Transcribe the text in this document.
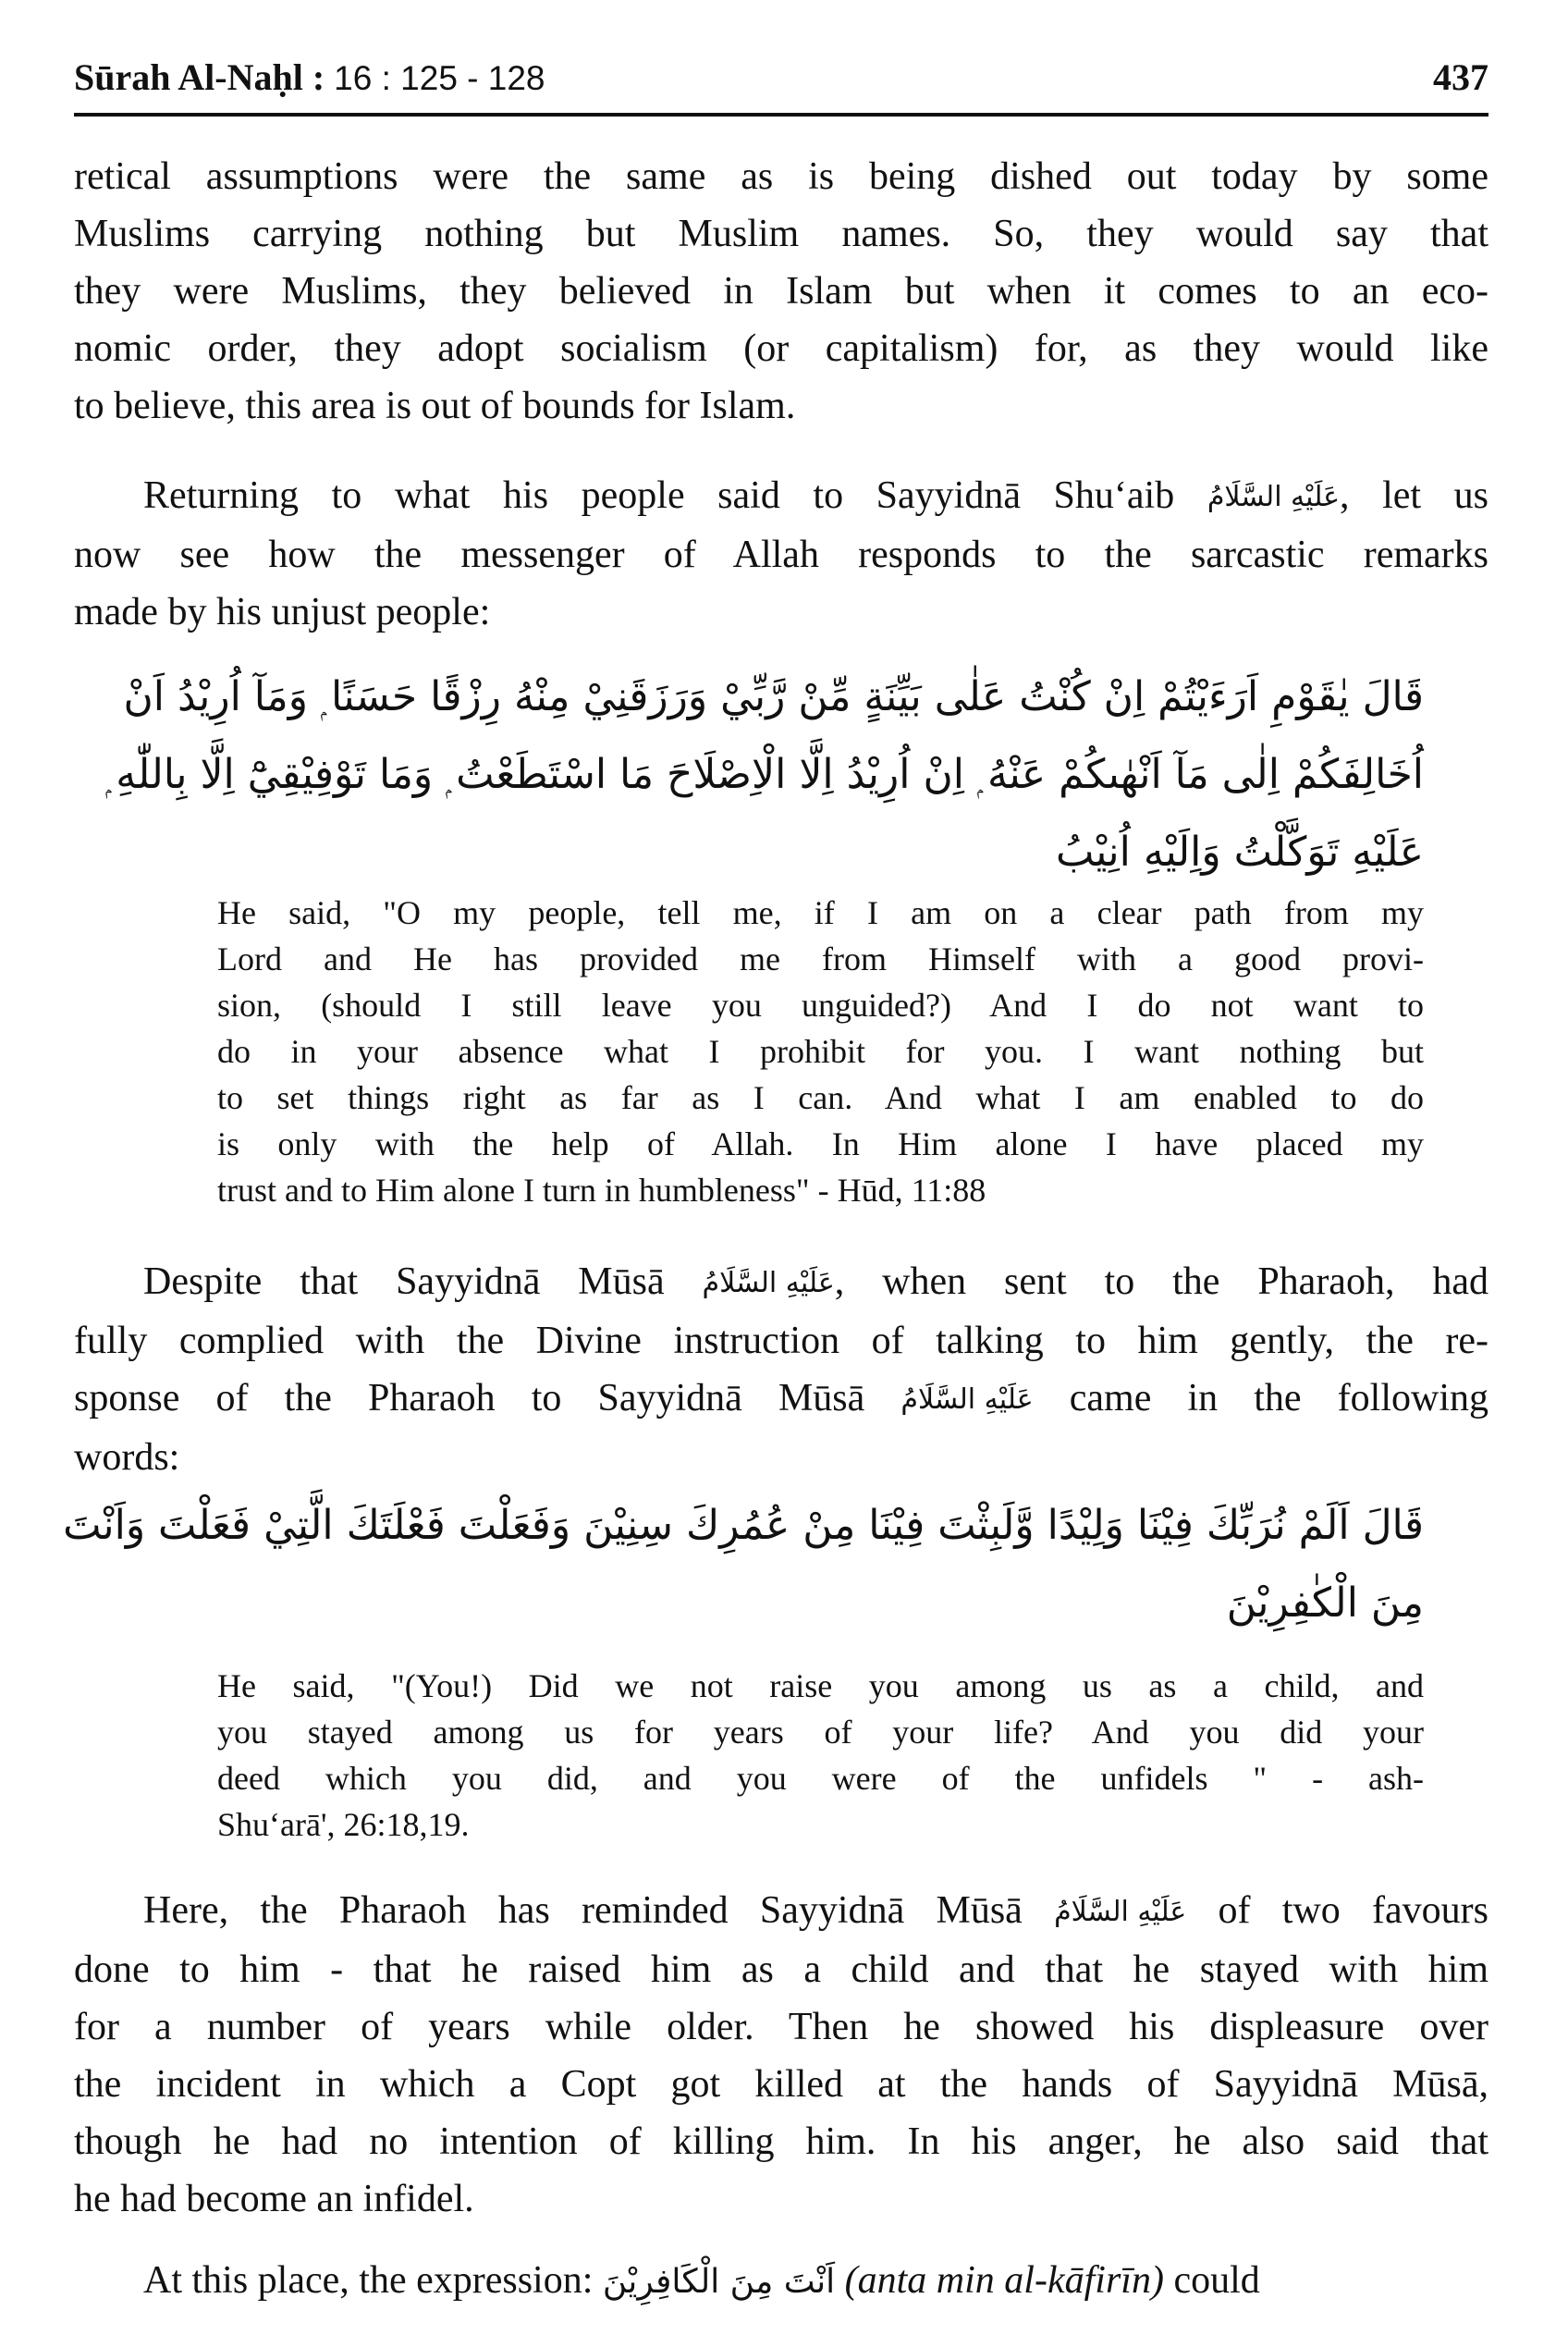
Sūrah Al-Naḥl : 16 : 125 - 128	437
retical assumptions were the same as is being dished out today by some
Muslims carrying nothing but Muslim names. So, they would say that
they were Muslims, they believed in Islam but when it comes to an eco-
nomic order, they adopt socialism (or capitalism) for, as they would like
to believe, this area is out of bounds for Islam.
Returning to what his people said to Sayyidnā Shu‘aib عَلَيْهِ السَّلَامُ, let us
now see how the messenger of Allah responds to the sarcastic remarks
made by his unjust people:
قَالَ يٰقَوْمِ اَرَءَيْتُمْ اِنْ كُنْتُ عَلٰى بَيِّنَةٍ مِّنْ رَّبِّيْ وَرَزَقَنِيْ مِنْهُ رِزْقًا حَسَنًا ۭ وَمَآ اُرِيْدُ اَنْ
اُخَالِفَكُمْ اِلٰى مَآ اَنْهٰىكُمْ عَنْهُ ۭ اِنْ اُرِيْدُ اِلَّا الْاِصْلَاحَ مَا اسْتَطَعْتُ ۭ وَمَا تَوْفِيْقِيْٓ اِلَّا بِاللّٰهِ ۭ
عَلَيْهِ تَوَكَّلْتُ وَاِلَيْهِ اُنِيْبُ
He said, "O my people, tell me, if I am on a clear path from my
Lord and He has provided me from Himself with a good provi-
sion, (should I still leave you unguided?) And I do not want to
do in your absence what I prohibit for you. I want nothing but
to set things right as far as I can. And what I am enabled to do
is only with the help of Allah. In Him alone I have placed my
trust and to Him alone I turn in humbleness" - Hūd, 11:88
Despite that Sayyidnā Mūsā عَلَيْهِ السَّلَامُ, when sent to the Pharaoh, had
fully complied with the Divine instruction of talking to him gently, the re-
sponse of the Pharaoh to Sayyidnā Mūsā عَلَيْهِ السَّلَامُ came in the following
words:
قَالَ اَلَمْ نُرَبِّكَ فِيْنَا وَلِيْدًا وَّلَبِثْتَ فِيْنَا مِنْ عُمُرِكَ سِنِيْنَ وَفَعَلْتَ فَعْلَتَكَ الَّتِيْ فَعَلْتَ وَاَنْتَ
مِنَ الْكٰفِرِيْنَ
He said, "(You!) Did we not raise you among us as a child, and
you stayed among us for years of your life? And you did your
deed which you did, and you were of the unfidels " - ash-
Shu‘arā', 26:18,19.
Here, the Pharaoh has reminded Sayyidnā Mūsā عَلَيْهِ السَّلَامُ of two favours
done to him - that he raised him as a child and that he stayed with him
for a number of years while older. Then he showed his displeasure over
the incident in which a Copt got killed at the hands of Sayyidnā Mūsā,
though he had no intention of killing him. In his anger, he also said that
he had become an infidel.
At this place, the expression: اَنْتَ مِنَ الْكَافِرِيْنَ (anta min al-kāfirīn) could
